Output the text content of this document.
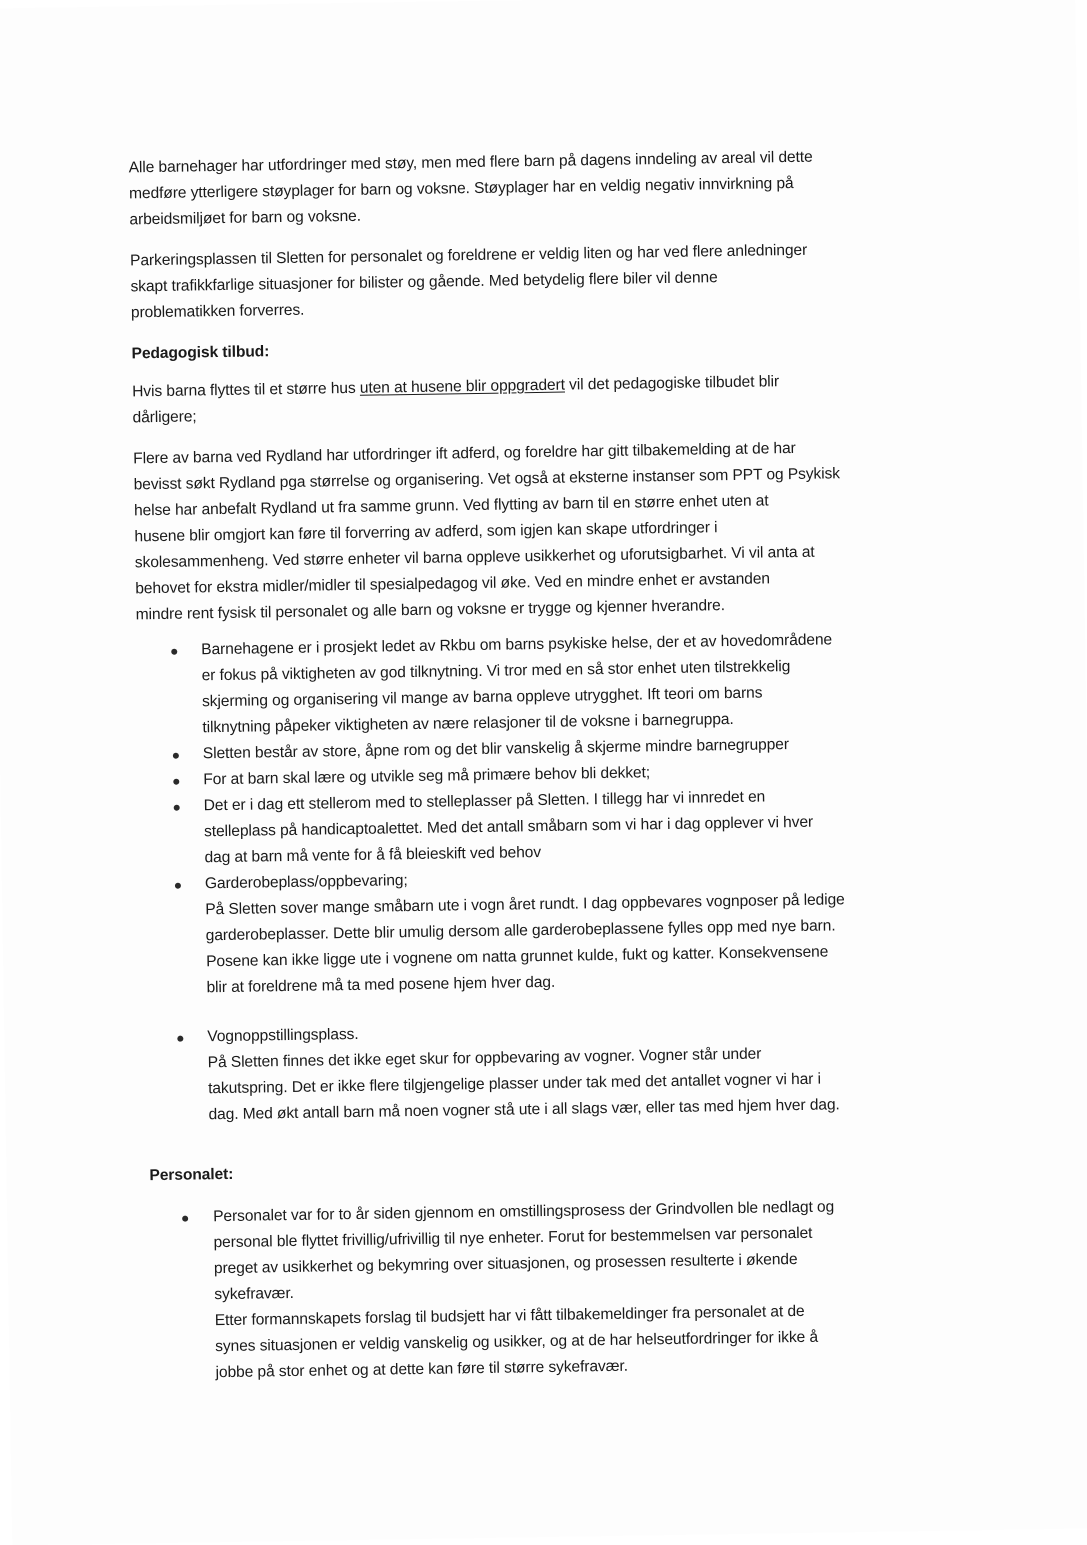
Alle barnehager har utfordringer med støy, men med flere barn på dagens inndeling av areal vil dette
medføre ytterligere støyplager for barn og voksne. Støyplager har en veldig negativ innvirkning på
arbeidsmiljøet for barn og voksne.
Parkeringsplassen til Sletten for personalet og foreldrene er veldig liten og har ved flere anledninger
skapt trafikkfarlige situasjoner for bilister og gående. Med betydelig flere biler vil denne
problematikken forverres.
Pedagogisk tilbud:
Hvis barna flyttes til et større hus uten at husene blir oppgradert vil det pedagogiske tilbudet blir
dårligere;
Flere av barna ved Rydland har utfordringer ift adferd, og foreldre har gitt tilbakemelding at de har
bevisst søkt Rydland pga størrelse og organisering. Vet også at eksterne instanser som PPT og Psykisk
helse har anbefalt Rydland ut fra samme grunn. Ved flytting av barn til en større enhet uten at
husene blir omgjort kan føre til forverring av adferd, som igjen kan skape utfordringer i
skolesammenheng. Ved større enheter vil barna oppleve usikkerhet og uforutsigbarhet. Vi vil anta at
behovet for ekstra midler/midler til spesialpedagog vil øke. Ved en mindre enhet er avstanden
mindre rent fysisk til personalet og alle barn og voksne er trygge og kjenner hverandre.
Barnehagene er i prosjekt ledet av Rkbu om barns psykiske helse, der et av hovedområdene
er fokus på viktigheten av god tilknytning. Vi tror med en så stor enhet uten tilstrekkelig
skjerming og organisering vil mange av barna oppleve utrygghet. Ift teori om barns
tilknytning påpeker viktigheten av nære relasjoner til de voksne i barnegruppa.
Sletten består av store, åpne rom og det blir vanskelig å skjerme mindre barnegrupper
For at barn skal lære og utvikle seg må primære behov bli dekket;
Det er i dag ett stellerom med to stelleplasser på Sletten. I tillegg har vi innredet en
stelleplass på handicaptoalettet. Med det antall småbarn som vi har i dag opplever vi hver
dag at barn må vente for å få bleieskift ved behov
Garderobeplass/oppbevaring;
På Sletten sover mange småbarn ute i vogn året rundt. I dag oppbevares vognposer på ledige
garderobeplasser. Dette blir umulig dersom alle garderobeplassene fylles opp med nye barn.
Posene kan ikke ligge ute i vognene om natta grunnet kulde, fukt og katter. Konsekvensene
blir at foreldrene må ta med posene hjem hver dag.
Vognoppstillingsplass.
På Sletten finnes det ikke eget skur for oppbevaring av vogner. Vogner står under
takutspring. Det er ikke flere tilgjengelige plasser under tak med det antallet vogner vi har i
dag. Med økt antall barn må noen vogner stå ute i all slags vær, eller tas med hjem hver dag.
Personalet:
Personalet var for to år siden gjennom en omstillingsprosess der Grindvollen ble nedlagt og
personal ble flyttet frivillig/ufrivillig til nye enheter. Forut for bestemmelsen var personalet
preget av usikkerhet og bekymring over situasjonen, og prosessen resulterte i økende
sykefravær.
Etter formannskapets forslag til budsjett har vi fått tilbakemeldinger fra personalet at de
synes situasjonen er veldig vanskelig og usikker, og at de har helseutfordringer for ikke å
jobbe på stor enhet og at dette kan føre til større sykefravær.
